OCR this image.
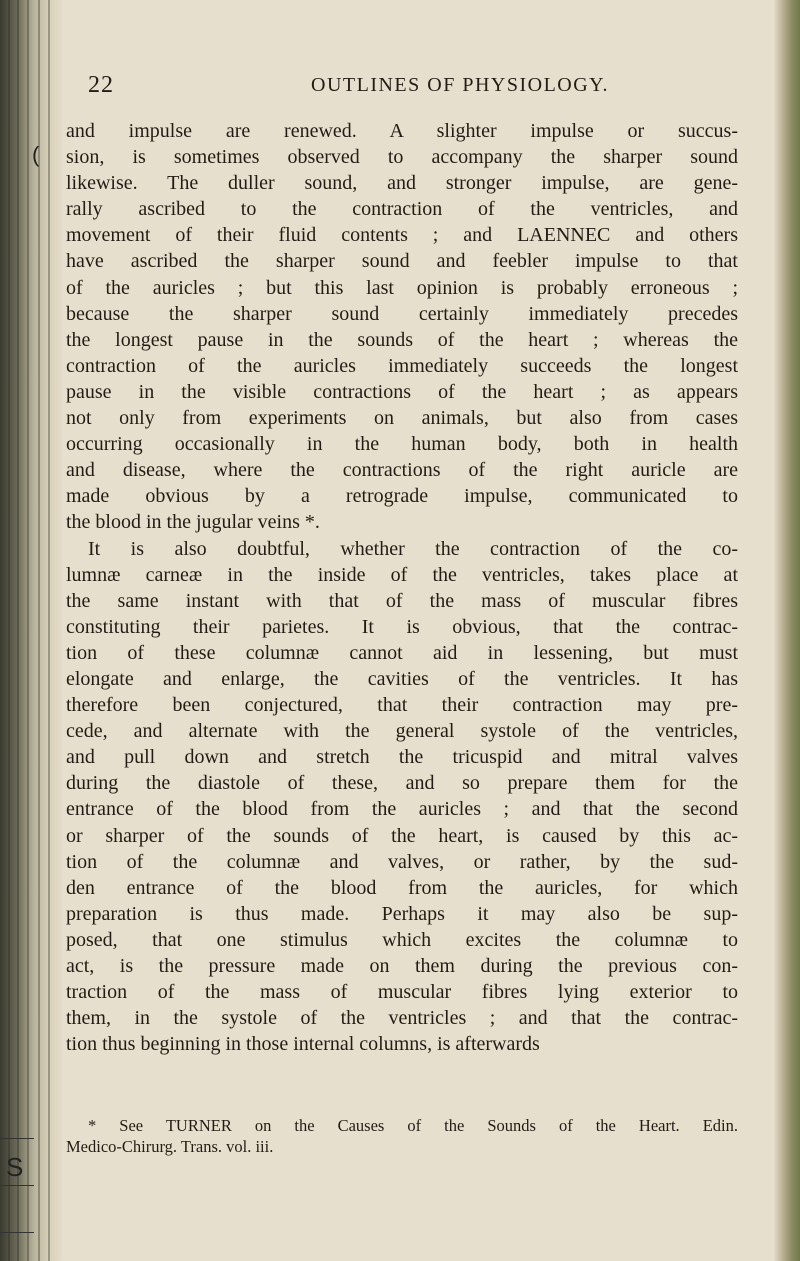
(
S
22	OUTLINES OF PHYSIOLOGY.
and impulse are renewed. A slighter impulse or succus-
sion, is sometimes observed to accompany the sharper sound
likewise. The duller sound, and stronger impulse, are gene-
rally ascribed to the contraction of the ventricles, and
movement of their fluid contents ; and LAENNEC and others
have ascribed the sharper sound and feebler impulse to that
of the auricles ; but this last opinion is probably erroneous ;
because the sharper sound certainly immediately precedes
the longest pause in the sounds of the heart ; whereas the
contraction of the auricles immediately succeeds the longest
pause in the visible contractions of the heart ; as appears
not only from experiments on animals, but also from cases
occurring occasionally in the human body, both in health
and disease, where the contractions of the right auricle are
made obvious by a retrograde impulse, communicated to
the blood in the jugular veins *.
It is also doubtful, whether the contraction of the co-
lumnæ carneæ in the inside of the ventricles, takes place at
the same instant with that of the mass of muscular fibres
constituting their parietes. It is obvious, that the contrac-
tion of these columnæ cannot aid in lessening, but must
elongate and enlarge, the cavities of the ventricles. It has
therefore been conjectured, that their contraction may pre-
cede, and alternate with the general systole of the ventricles,
and pull down and stretch the tricuspid and mitral valves
during the diastole of these, and so prepare them for the
entrance of the blood from the auricles ; and that the second
or sharper of the sounds of the heart, is caused by this ac-
tion of the columnæ and valves, or rather, by the sud-
den entrance of the blood from the auricles, for which
preparation is thus made. Perhaps it may also be sup-
posed, that one stimulus which excites the columnæ to
act, is the pressure made on them during the previous con-
traction of the mass of muscular fibres lying exterior to
them, in the systole of the ventricles ; and that the contrac-
tion thus beginning in those internal columns, is afterwards
* See TURNER on the Causes of the Sounds of the Heart. Edin.
Medico-Chirurg. Trans. vol. iii.
